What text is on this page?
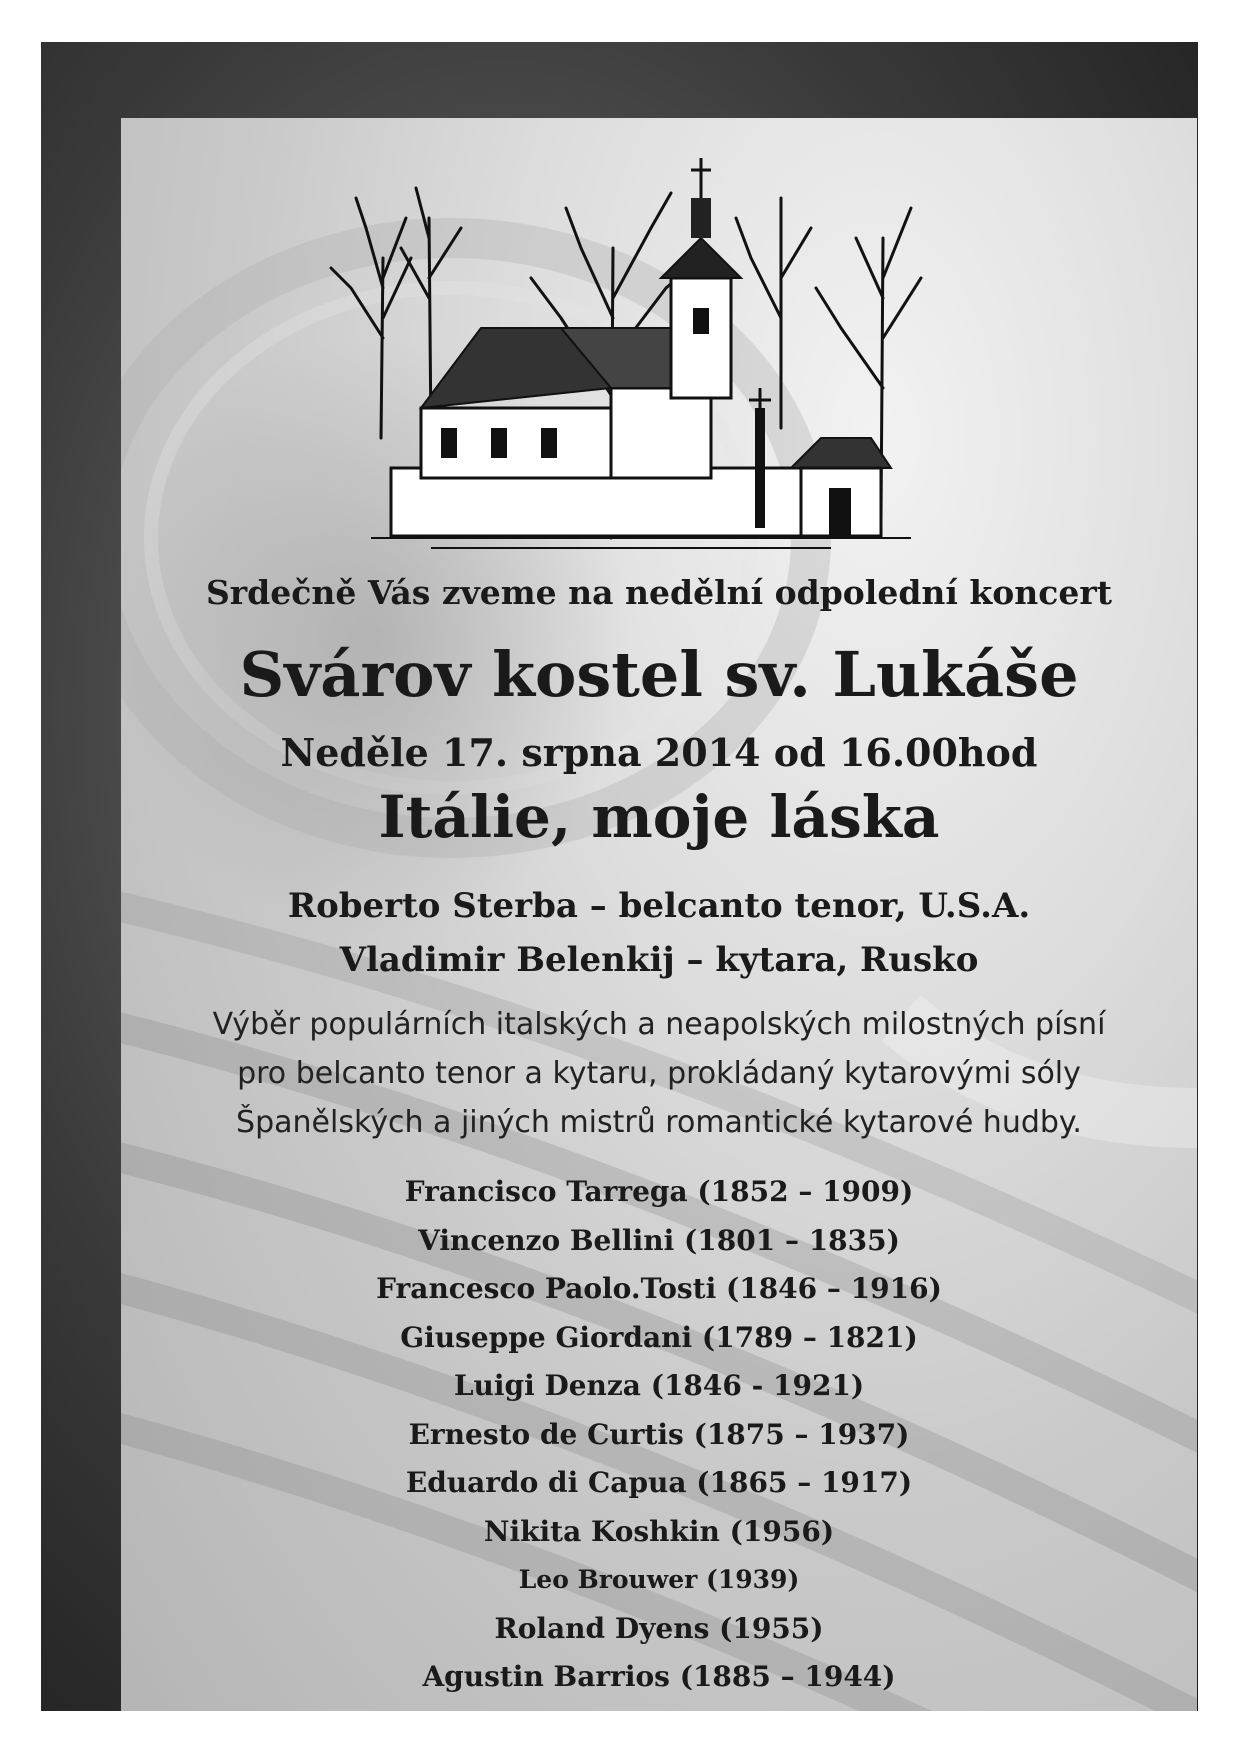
Srdečně Vás zveme na nedělní odpolední koncert
Svárov kostel sv. Lukáše
Neděle 17. srpna 2014 od 16.00hod
Itálie, moje láska
Roberto Sterba – belcanto tenor, U.S.A.
Vladimir Belenkij – kytara, Rusko
Výběr populárních italských a neapolských milostných písní
pro belcanto tenor a kytaru, prokládaný kytarovými sóly
Španělských a jiných mistrů romantické kytarové hudby.
Francisco Tarrega (1852 – 1909)
Vincenzo Bellini (1801 – 1835)
Francesco Paolo.Tosti (1846 – 1916)
Giuseppe Giordani (1789 – 1821)
Luigi Denza (1846 - 1921)
Ernesto de Curtis (1875 – 1937)
Eduardo di Capua (1865 – 1917)
Nikita Koshkin (1956)
Leo Brouwer (1939)
Roland Dyens (1955)
Agustin Barrios (1885 – 1944)
